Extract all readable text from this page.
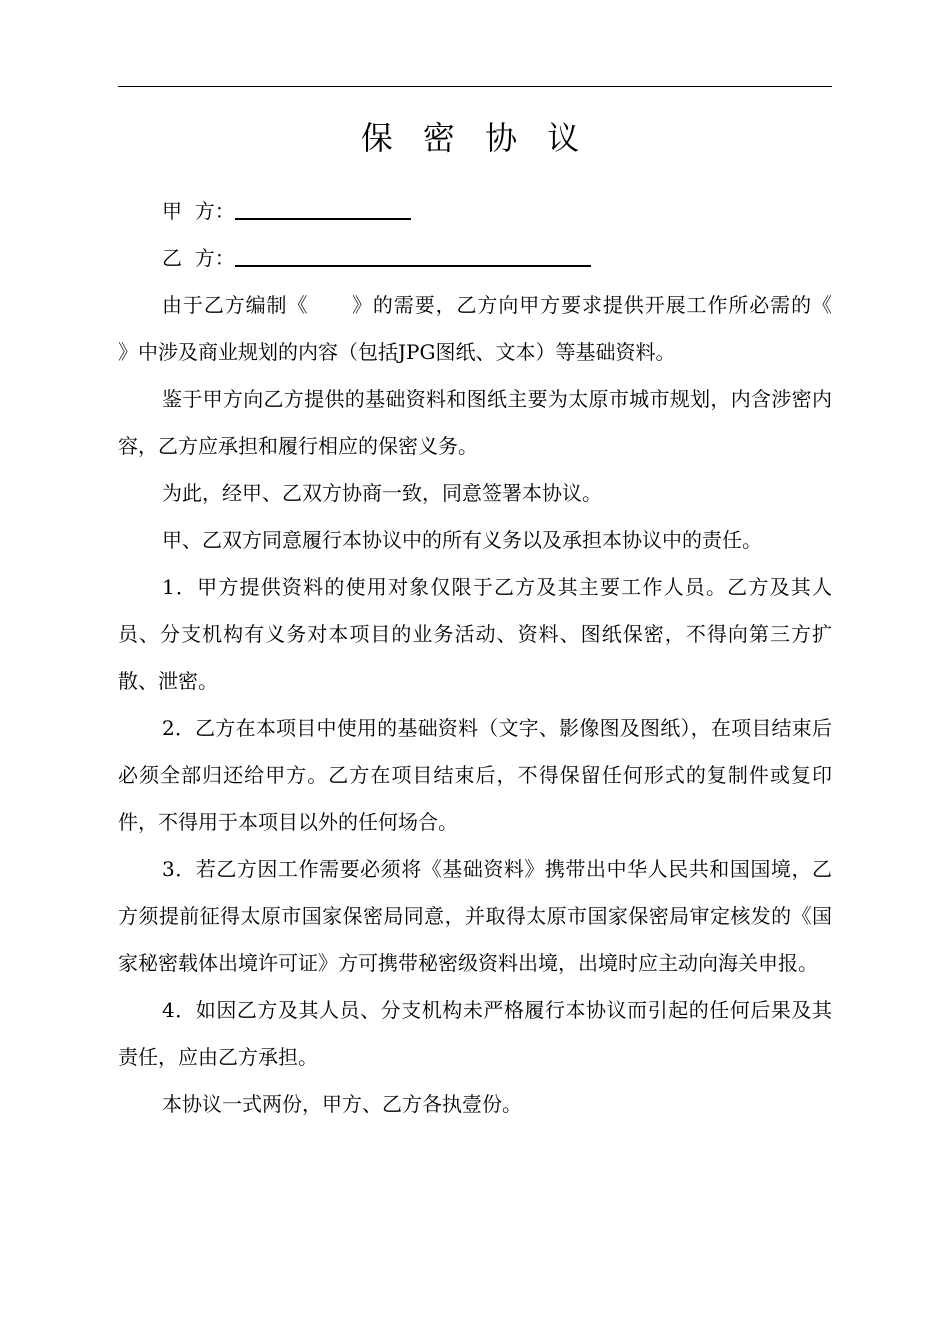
保 密 协 议
甲  方：
乙  方：

由于乙方编制《      》的需要，乙方向甲方要求提供开展工作所必需的《      》中涉及商业规划的内容（包括JPG图纸、文本）等基础资料。

鉴于甲方向乙方提供的基础资料和图纸主要为太原市城市规划，内含涉密内容，乙方应承担和履行相应的保密义务。

为此，经甲、乙双方协商一致，同意签署本协议。

甲、乙双方同意履行本协议中的所有义务以及承担本协议中的责任。

1．甲方提供资料的使用对象仅限于乙方及其主要工作人员。乙方及其人员、分支机构有义务对本项目的业务活动、资料、图纸保密，不得向第三方扩散、泄密。

2．乙方在本项目中使用的基础资料（文字、影像图及图纸），在项目结束后必须全部归还给甲方。乙方在项目结束后，不得保留任何形式的复制件或复印件，不得用于本项目以外的任何场合。

3．若乙方因工作需要必须将《基础资料》携带出中华人民共和国国境，乙方须提前征得太原市国家保密局同意，并取得太原市国家保密局审定核发的《国家秘密载体出境许可证》方可携带秘密级资料出境，出境时应主动向海关申报。

4．如因乙方及其人员、分支机构未严格履行本协议而引起的任何后果及其责任，应由乙方承担。

本协议一式两份，甲方、乙方各执壹份。
